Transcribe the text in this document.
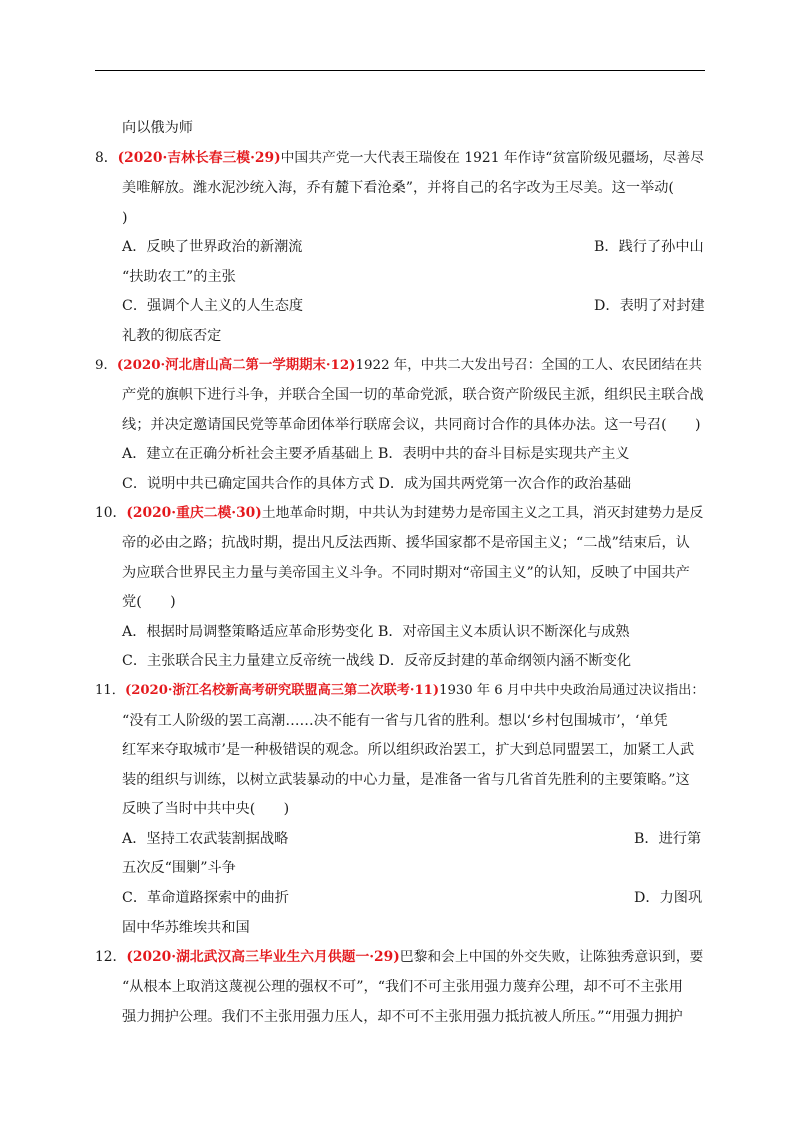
向以俄为师
8．(2020·吉林长春三模·29)中国共产党一大代表王瑞俊在 1921 年作诗“贫富阶级见疆场，尽善尽
美唯解放。潍水泥沙统入海，乔有麓下看沧桑”，并将自己的名字改为王尽美。这一举动(
)
A．反映了世界政治的新潮流	B．践行了孙中山
“扶助农工”的主张
C．强调个人主义的人生态度	D．表明了对封建
礼教的彻底否定
9．(2020·河北唐山高二第一学期期末·12)1922 年，中共二大发出号召：全国的工人、农民团结在共
产党的旗帜下进行斗争，并联合全国一切的革命党派，联合资产阶级民主派，组织民主联合战
线；并决定邀请国民党等革命团体举行联席会议，共同商讨合作的具体办法。这一号召(　　)
A．建立在正确分析社会主要矛盾基础上 B．表明中共的奋斗目标是实现共产主义
C．说明中共已确定国共合作的具体方式 D．成为国共两党第一次合作的政治基础
10．(2020·重庆二模·30)土地革命时期，中共认为封建势力是帝国主义之工具，消灭封建势力是反
帝的必由之路；抗战时期，提出凡反法西斯、援华国家都不是帝国主义；“二战”结束后，认
为应联合世界民主力量与美帝国主义斗争。不同时期对“帝国主义”的认知，反映了中国共产
党(　　)
A．根据时局调整策略适应革命形势变化 B．对帝国主义本质认识不断深化与成熟
C．主张联合民主力量建立反帝统一战线 D．反帝反封建的革命纲领内涵不断变化
11．(2020·浙江名校新高考研究联盟高三第二次联考·11)1930 年 6 月中共中央政治局通过决议指出：
“没有工人阶级的罢工高潮……决不能有一省与几省的胜利。想以‘乡村包围城市’，‘单凭
红军来夺取城市’是一种极错误的观念。所以组织政治罢工，扩大到总同盟罢工，加紧工人武
装的组织与训练，以树立武装暴动的中心力量，是准备一省与几省首先胜利的主要策略。”这
反映了当时中共中央(　　)
A．坚持工农武装割据战略	B．进行第
五次反“围剿”斗争
C．革命道路探索中的曲折	D．力图巩
固中华苏维埃共和国
12．(2020·湖北武汉高三毕业生六月供题一·29)巴黎和会上中国的外交失败，让陈独秀意识到，要
“从根本上取消这蔑视公理的强权不可”，“我们不可主张用强力蔑弃公理，却不可不主张用
强力拥护公理。我们不主张用强力压人，却不可不主张用强力抵抗被人所压。”“用强力拥护
